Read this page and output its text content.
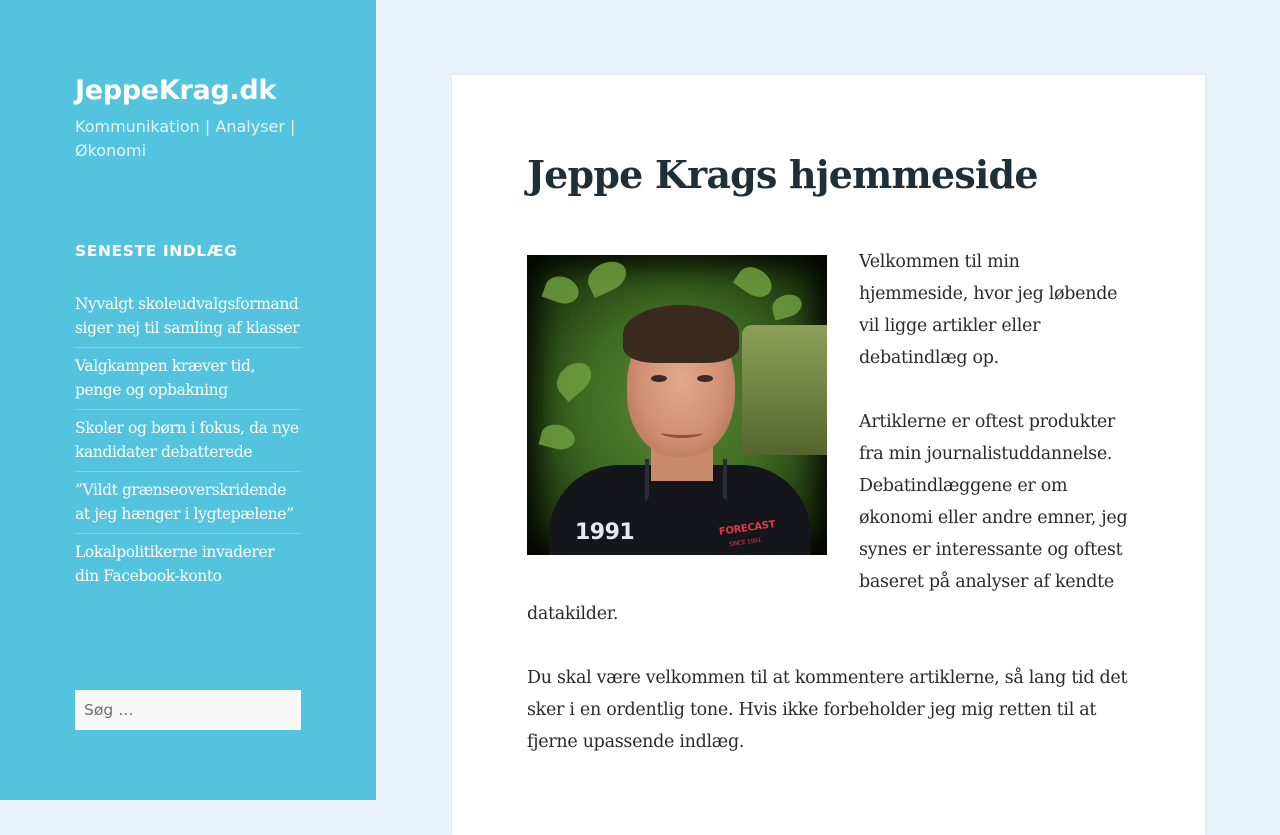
JeppeKrag.dk

Kommunikation | Analyser | Økonomi

SENESTE INDLÆG
Nyvalgt skoleudvalgsformand siger nej til samling af klasser
Valgkampen kræver tid, penge og opbakning
Skoler og børn i fokus, da nye kandidater debatterede
”Vildt grænseoverskridende at jeg hænger i lygtepælene”
Lokalpolitikerne invaderer din Facebook-konto
Søg …
Jeppe Krags hjemmeside
1991	FORECAST
SINCE 1991

Velkommen til min hjemmeside, hvor jeg løbende vil ligge artikler eller debatindlæg op.

Artiklerne er oftest produkter fra min journalistuddannelse. Debatindlæggene er om økonomi eller andre emner, jeg synes er interessante og oftest baseret på analyser af kendte datakilder.

Du skal være velkommen til at kommentere artiklerne, så lang tid det sker i en ordentlig tone. Hvis ikke forbeholder jeg mig retten til at fjerne upassende indlæg.
